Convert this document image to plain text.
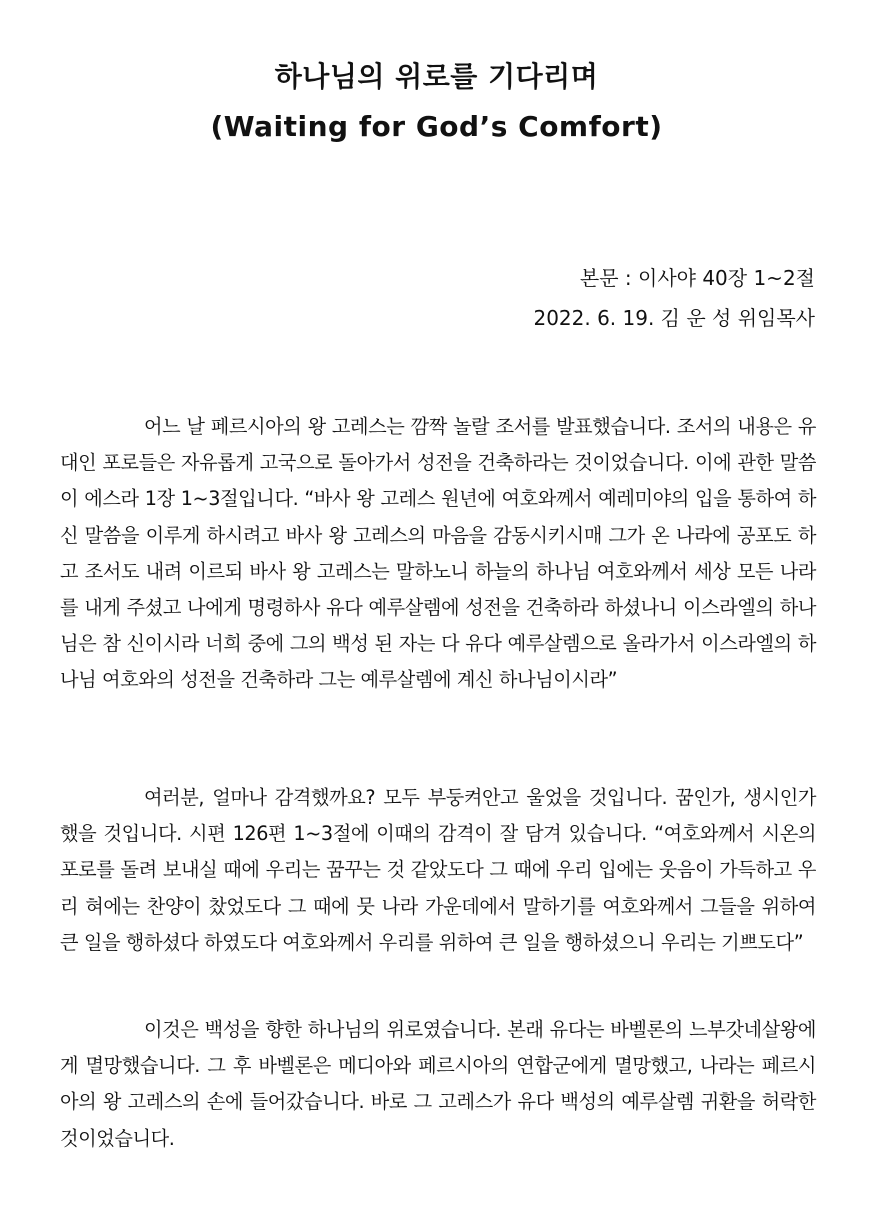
하나님의 위로를 기다리며

(Waiting for God’s Comfort)

본문 : 이사야 40장 1~2절
2022. 6. 19. 김 운 성 위임목사

어느 날 페르시아의 왕 고레스는 깜짝 놀랄 조서를 발표했습니다. 조서의 내용은 유대인 포로들은 자유롭게 고국으로 돌아가서 성전을 건축하라는 것이었습니다. 이에 관한 말씀이 에스라 1장 1~3절입니다. “바사 왕 고레스 원년에 여호와께서 예레미야의 입을 통하여 하신 말씀을 이루게 하시려고 바사 왕 고레스의 마음을 감동시키시매 그가 온 나라에 공포도 하고 조서도 내려 이르되 바사 왕 고레스는 말하노니 하늘의 하나님 여호와께서 세상 모든 나라를 내게 주셨고 나에게 명령하사 유다 예루살렘에 성전을 건축하라 하셨나니 이스라엘의 하나님은 참 신이시라 너희 중에 그의 백성 된 자는 다 유다 예루살렘으로 올라가서 이스라엘의 하나님 여호와의 성전을 건축하라 그는 예루살렘에 계신 하나님이시라”

여러분, 얼마나 감격했까요? 모두 부둥켜안고 울었을 것입니다. 꿈인가, 생시인가 했을 것입니다. 시편 126편 1~3절에 이때의 감격이 잘 담겨 있습니다. “여호와께서 시온의 포로를 돌려 보내실 때에 우리는 꿈꾸는 것 같았도다 그 때에 우리 입에는 웃음이 가득하고 우리 혀에는 찬양이 찼었도다 그 때에 뭇 나라 가운데에서 말하기를 여호와께서 그들을 위하여 큰 일을 행하셨다 하였도다 여호와께서 우리를 위하여 큰 일을 행하셨으니 우리는 기쁘도다”

이것은 백성을 향한 하나님의 위로였습니다. 본래 유다는 바벨론의 느부갓네살왕에게 멸망했습니다. 그 후 바벨론은 메디아와 페르시아의 연합군에게 멸망했고, 나라는 페르시아의 왕 고레스의 손에 들어갔습니다. 바로 그 고레스가 유다 백성의 예루살렘 귀환을 허락한 것이었습니다.
